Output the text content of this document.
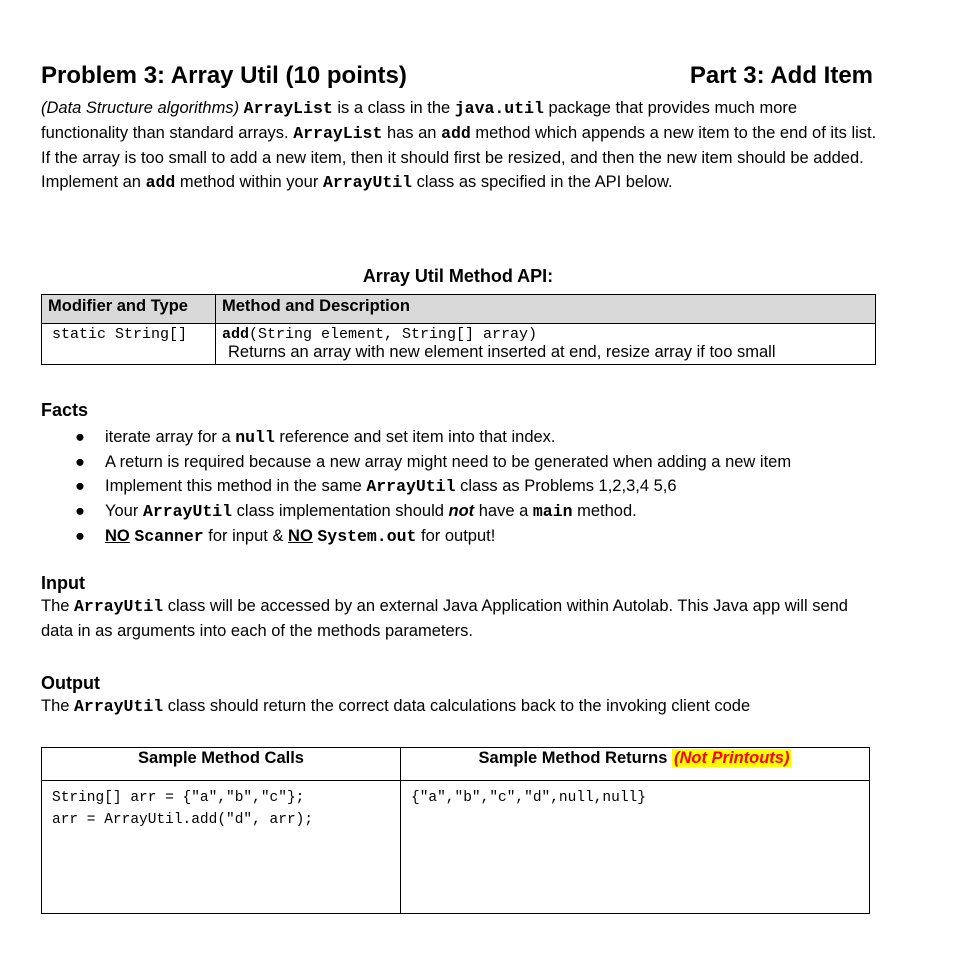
Problem 3: Array Util (10 points)	Part 3: Add Item
(Data Structure algorithms) ArrayList is a class in the java.util package that provides much more functionality than standard arrays. ArrayList has an add method which appends a new item to the end of its list. If the array is too small to add a new item, then it should first be resized, and then the new item should be added. Implement an add method within your ArrayUtil class as specified in the API below.
Array Util Method API:
Modifier and Type	Method and Description
static String[]	add(String element, String[] array)
Returns an array with new element inserted at end, resize array if too small
Facts
● iterate array for a null reference and set item into that index.
● A return is required because a new array might need to be generated when adding a new item
● Implement this method in the same ArrayUtil class as Problems 1,2,3,4 5,6
● Your ArrayUtil class implementation should not have a main method.
● NO Scanner for input & NO System.out for output!
Input
The ArrayUtil class will be accessed by an external Java Application within Autolab. This Java app will send data in as arguments into each of the methods parameters.
Output
The ArrayUtil class should return the correct data calculations back to the invoking client code
Sample Method Calls	Sample Method Returns (Not Printouts)

String[] arr = {"a","b","c"};
arr = ArrayUtil.add("d", arr);	{"a","b","c","d",null,null}
